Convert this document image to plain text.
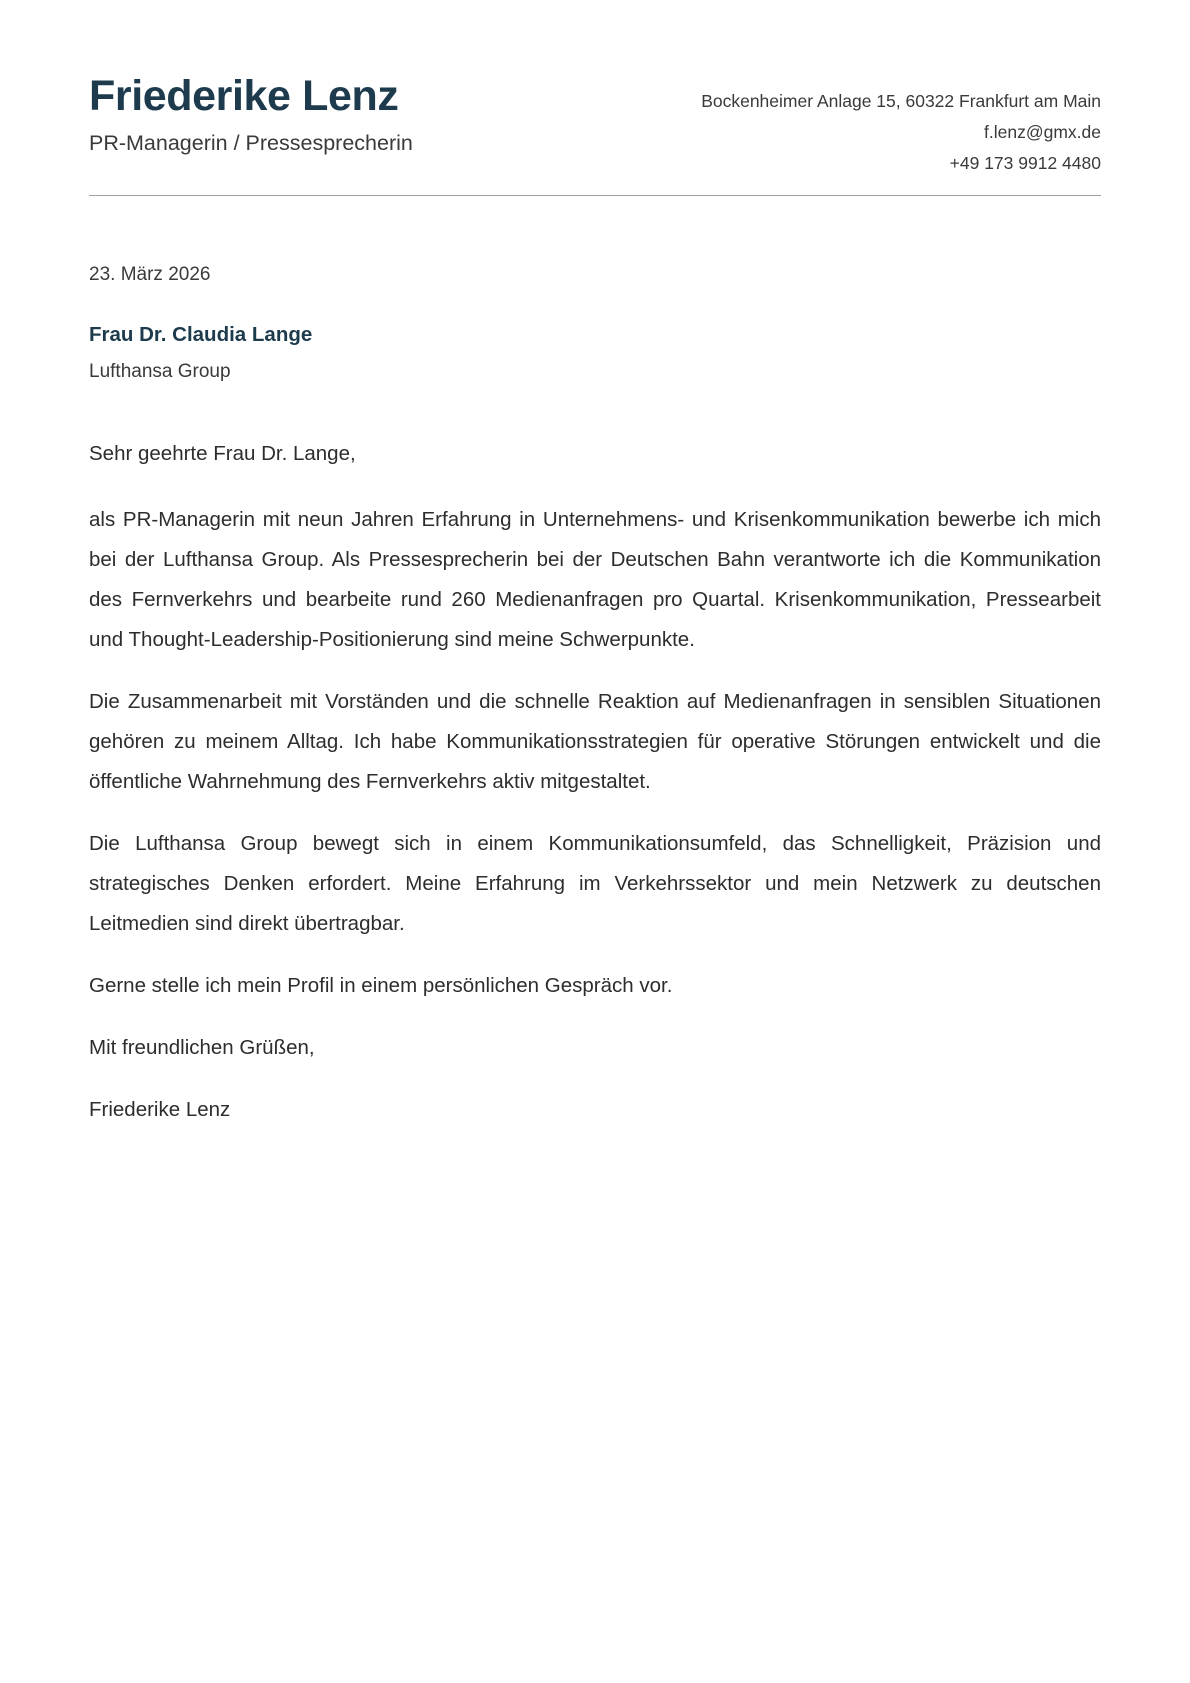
Friederike Lenz

PR-Managerin / Pressesprecherin

Bockenheimer Anlage 15, 60322 Frankfurt am Main
f.lenz@gmx.de
+49 173 9912 4480

23. März 2026

Frau Dr. Claudia Lange

Lufthansa Group

Sehr geehrte Frau Dr. Lange,

als PR-Managerin mit neun Jahren Erfahrung in Unternehmens- und Krisenkommunikation bewerbe ich mich bei der Lufthansa Group. Als Pressesprecherin bei der Deutschen Bahn verantworte ich die Kommunikation des Fernverkehrs und bearbeite rund 260 Medienanfragen pro Quartal. Krisenkommunikation, Pressearbeit und Thought-Leadership-Positionierung sind meine Schwerpunkte.

Die Zusammenarbeit mit Vorständen und die schnelle Reaktion auf Medienanfragen in sensiblen Situationen gehören zu meinem Alltag. Ich habe Kommunikationsstrategien für operative Störungen entwickelt und die öffentliche Wahrnehmung des Fernverkehrs aktiv mitgestaltet.

Die Lufthansa Group bewegt sich in einem Kommunikationsumfeld, das Schnelligkeit, Präzision und strategisches Denken erfordert. Meine Erfahrung im Verkehrssektor und mein Netzwerk zu deutschen Leitmedien sind direkt übertragbar.

Gerne stelle ich mein Profil in einem persönlichen Gespräch vor.

Mit freundlichen Grüßen,

Friederike Lenz
